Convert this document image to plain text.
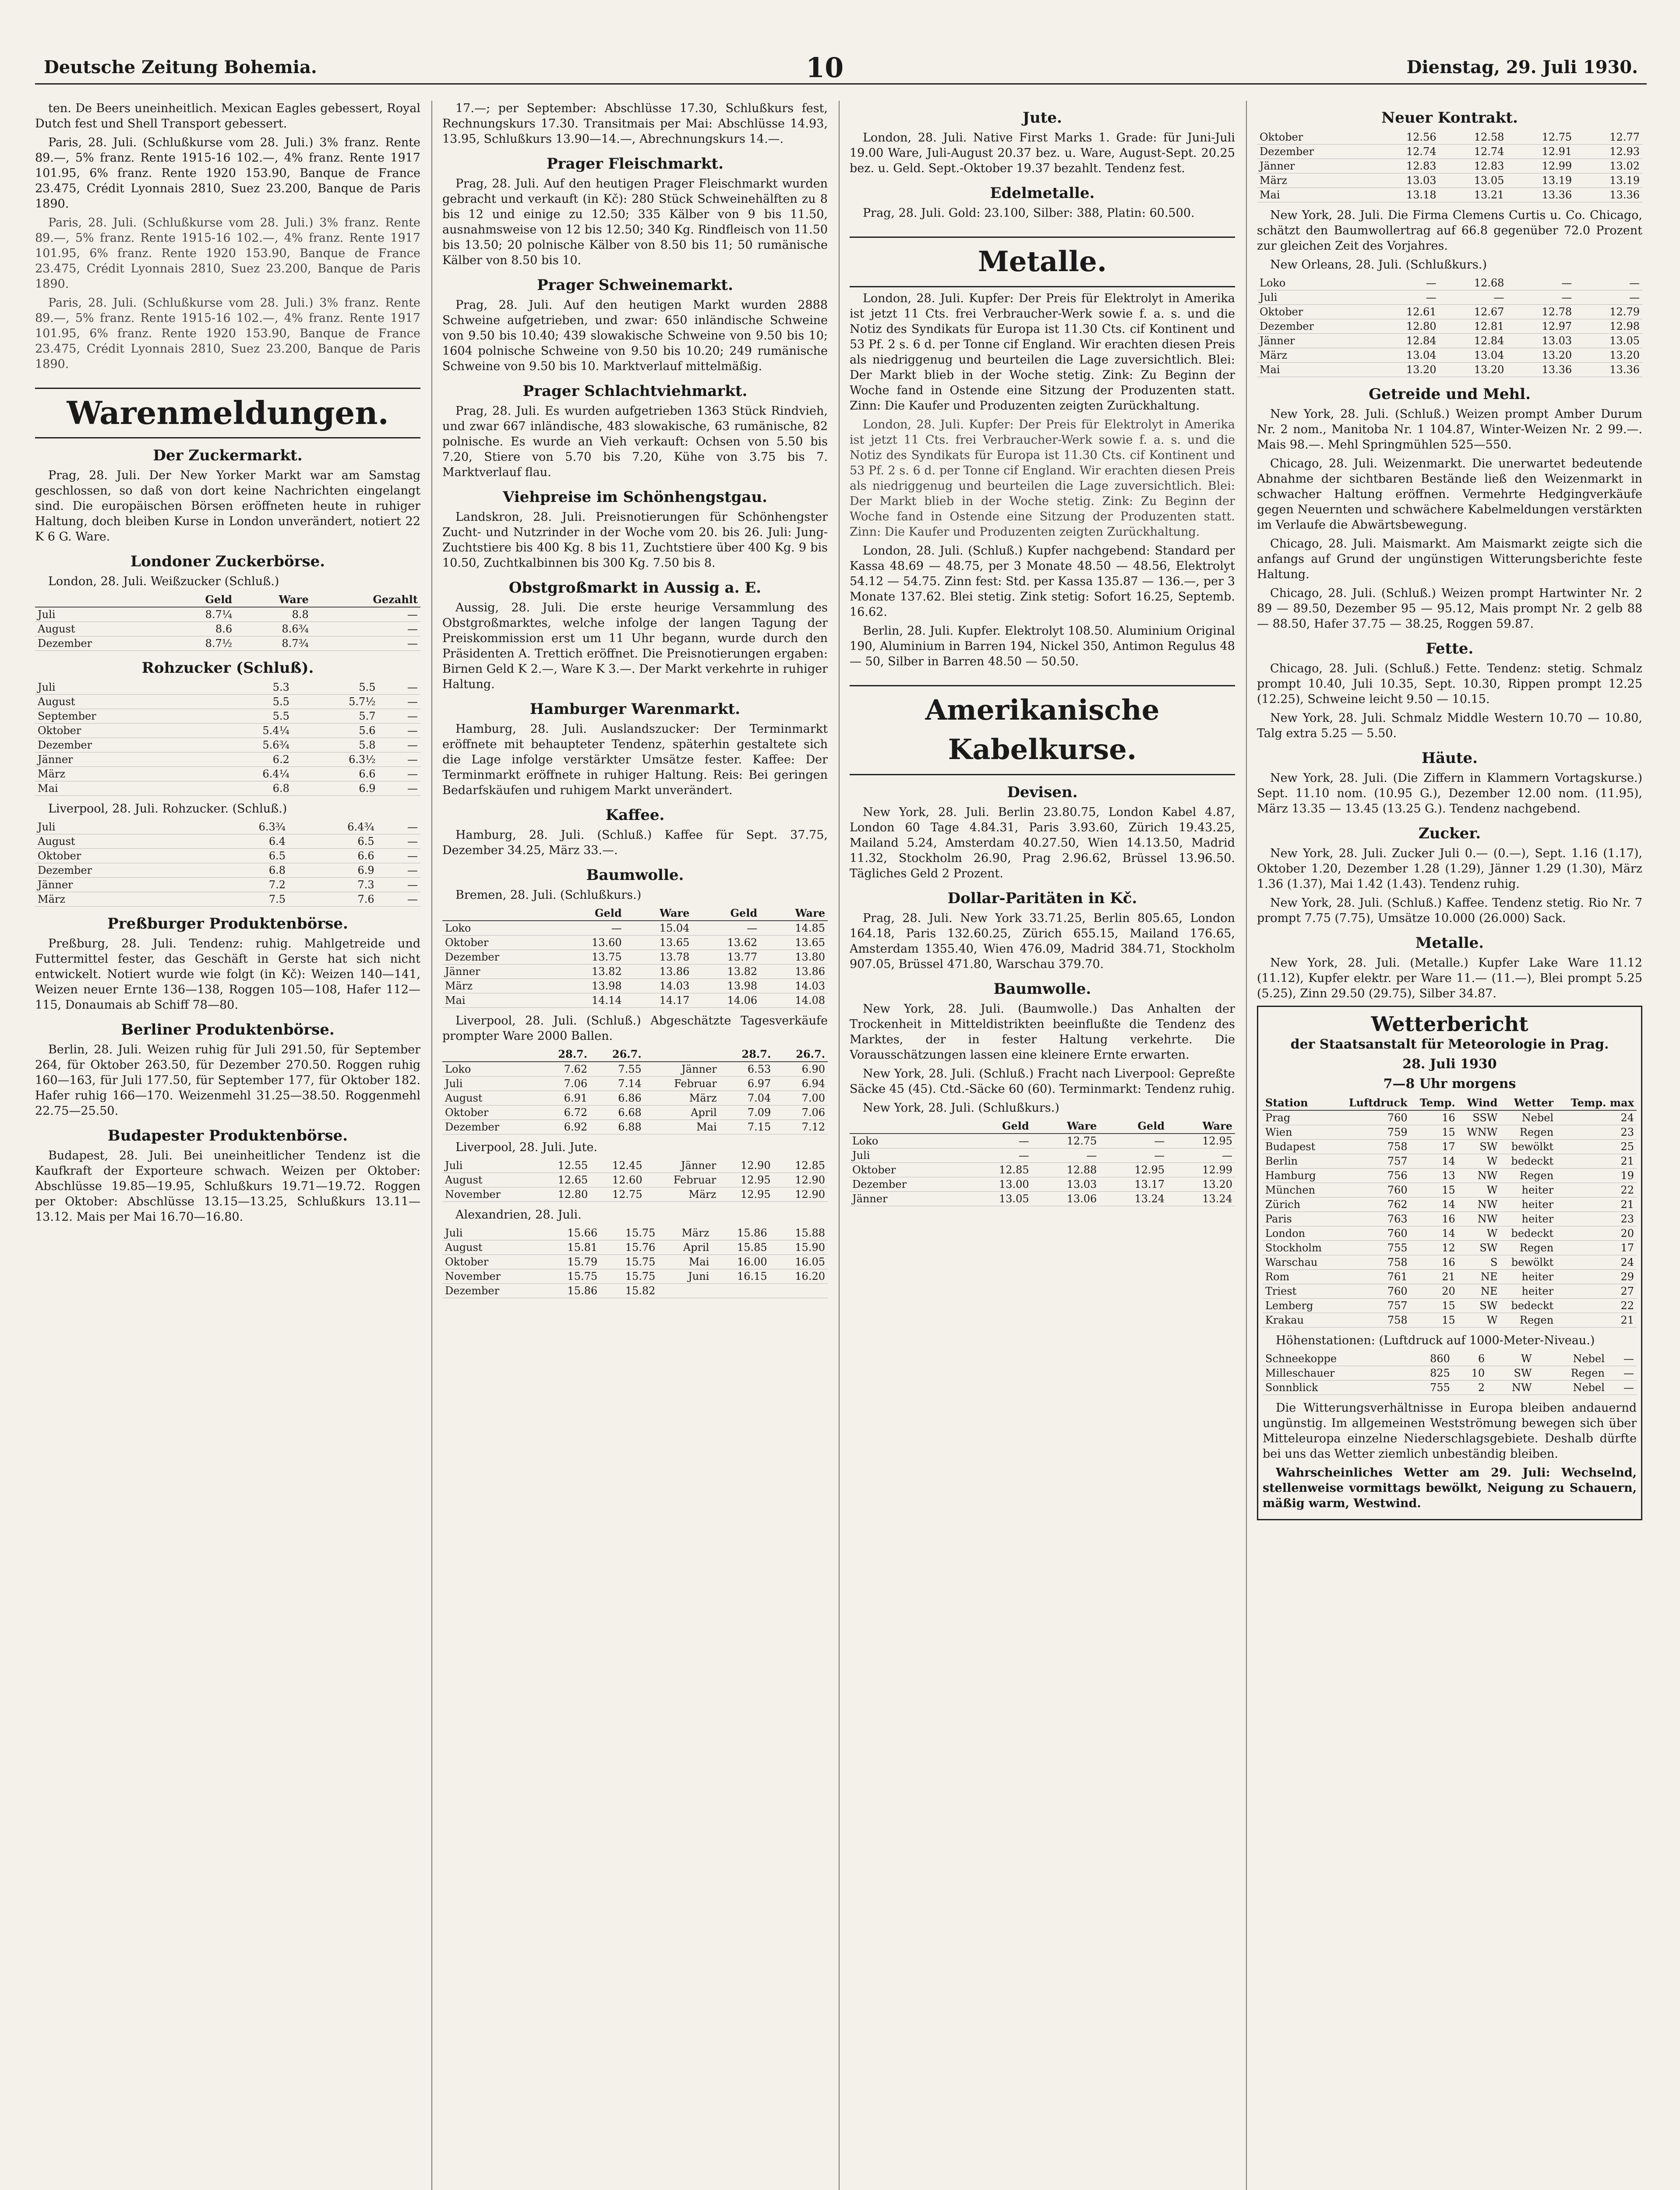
Deutsche Zeitung Bohemia.	10	Dienstag, 29. Juli 1930.

ten. De Beers uneinheitlich. Mexican Eagles gebessert, Royal Dutch fest und Shell Transport gebessert.

Paris, 28. Juli. (Schlußkurse vom 28. Juli.) 3% franz. Rente 89.—, 5% franz. Rente 1915-16 102.—, 4% franz. Rente 1917 101.95, 6% franz. Rente 1920 153.90, Banque de France 23.475, Crédit Lyonnais 2810, Suez 23.200, Banque de Paris 1890.

Paris, 28. Juli. (Schlußkurse vom 28. Juli.) 3% franz. Rente 89.—, 5% franz. Rente 1915-16 102.—, 4% franz. Rente 1917 101.95, 6% franz. Rente 1920 153.90, Banque de France 23.475, Crédit Lyonnais 2810, Suez 23.200, Banque de Paris 1890.

Paris, 28. Juli. (Schlußkurse vom 28. Juli.) 3% franz. Rente 89.—, 5% franz. Rente 1915-16 102.—, 4% franz. Rente 1917 101.95, 6% franz. Rente 1920 153.90, Banque de France 23.475, Crédit Lyonnais 2810, Suez 23.200, Banque de Paris 1890.

Warenmeldungen.
Der Zuckermarkt.

Prag, 28. Juli. Der New Yorker Markt war am Samstag geschlossen, so daß von dort keine Nachrichten eingelangt sind. Die europäischen Börsen eröffneten heute in ruhiger Haltung, doch bleiben Kurse in London unverändert, notiert 22 K 6 G. Ware.

Londoner Zuckerbörse.

London, 28. Juli. Weißzucker (Schluß.)

	Geld	Ware	Gezahlt
Juli	8.7¼	8.8	—
August	8.6	8.6¾	—
Dezember	8.7½	8.7¾	—
Rohzucker (Schluß).
Juli	5.3	5.5	—
August	5.5	5.7½	—
September	5.5	5.7	—
Oktober	5.4¼	5.6	—
Dezember	5.6¾	5.8	—
Jänner	6.2	6.3½	—
März	6.4¼	6.6	—
Mai	6.8	6.9	—

Liverpool, 28. Juli. Rohzucker. (Schluß.)

Juli	6.3¾	6.4¾	—
August	6.4	6.5	—
Oktober	6.5	6.6	—
Dezember	6.8	6.9	—
Jänner	7.2	7.3	—
März	7.5	7.6	—
Preßburger Produktenbörse.

Preßburg, 28. Juli. Tendenz: ruhig. Mahlgetreide und Futtermittel fester, das Geschäft in Gerste hat sich nicht entwickelt. Notiert wurde wie folgt (in Kč): Weizen 140—141, Weizen neuer Ernte 136—138, Roggen 105—108, Hafer 112—115, Donaumais ab Schiff 78—80.

Berliner Produktenbörse.

Berlin, 28. Juli. Weizen ruhig für Juli 291.50, für September 264, für Oktober 263.50, für Dezember 270.50. Roggen ruhig 160—163, für Juli 177.50, für September 177, für Oktober 182. Hafer ruhig 166—170. Weizenmehl 31.25—38.50. Roggenmehl 22.75—25.50.

Budapester Produktenbörse.

Budapest, 28. Juli. Bei uneinheitlicher Tendenz ist die Kaufkraft der Exporteure schwach. Weizen per Oktober: Abschlüsse 19.85—19.95, Schlußkurs 19.71—19.72. Roggen per Oktober: Abschlüsse 13.15—13.25, Schlußkurs 13.11—13.12. Mais per Mai 16.70—16.80.

17.—; per September: Abschlüsse 17.30, Schlußkurs fest, Rechnungskurs 17.30. Transitmais per Mai: Abschlüsse 14.93, 13.95, Schlußkurs 13.90—14.—, Abrechnungskurs 14.—.

Prager Fleischmarkt.

Prag, 28. Juli. Auf den heutigen Prager Fleischmarkt wurden gebracht und verkauft (in Kč): 280 Stück Schweinehälften zu 8 bis 12 und einige zu 12.50; 335 Kälber von 9 bis 11.50, ausnahmsweise von 12 bis 12.50; 340 Kg. Rindfleisch von 11.50 bis 13.50; 20 polnische Kälber von 8.50 bis 11; 50 rumänische Kälber von 8.50 bis 10.

Prager Schweinemarkt.

Prag, 28. Juli. Auf den heutigen Markt wurden 2888 Schweine aufgetrieben, und zwar: 650 inländische Schweine von 9.50 bis 10.40; 439 slowakische Schweine von 9.50 bis 10; 1604 polnische Schweine von 9.50 bis 10.20; 249 rumänische Schweine von 9.50 bis 10. Marktverlauf mittelmäßig.

Prager Schlachtviehmarkt.

Prag, 28. Juli. Es wurden aufgetrieben 1363 Stück Rindvieh, und zwar 667 inländische, 483 slowakische, 63 rumänische, 82 polnische. Es wurde an Vieh verkauft: Ochsen von 5.50 bis 7.20, Stiere von 5.70 bis 7.20, Kühe von 3.75 bis 7. Marktverlauf flau.

Viehpreise im Schönhengstgau.

Landskron, 28. Juli. Preisnotierungen für Schönhengster Zucht- und Nutzrinder in der Woche vom 20. bis 26. Juli: Jung-Zuchtstiere bis 400 Kg. 8 bis 11, Zuchtstiere über 400 Kg. 9 bis 10.50, Zuchtkalbinnen bis 300 Kg. 7.50 bis 8.

Obstgroßmarkt in Aussig a. E.

Aussig, 28. Juli. Die erste heurige Versammlung des Obstgroßmarktes, welche infolge der langen Tagung der Preiskommission erst um 11 Uhr begann, wurde durch den Präsidenten A. Trettich eröffnet. Die Preisnotierungen ergaben: Birnen Geld K 2.—, Ware K 3.—. Der Markt verkehrte in ruhiger Haltung.

Hamburger Warenmarkt.

Hamburg, 28. Juli. Auslandszucker: Der Terminmarkt eröffnete mit behaupteter Tendenz, späterhin gestaltete sich die Lage infolge verstärkter Umsätze fester. Kaffee: Der Terminmarkt eröffnete in ruhiger Haltung. Reis: Bei geringen Bedarfskäufen und ruhigem Markt unverändert.

Kaffee.

Hamburg, 28. Juli. (Schluß.) Kaffee für Sept. 37.75, Dezember 34.25, März 33.—.

Baumwolle.

Bremen, 28. Juli. (Schlußkurs.)

	Geld	Ware	Geld	Ware
Loko	—	15.04	—	14.85
Oktober	13.60	13.65	13.62	13.65
Dezember	13.75	13.78	13.77	13.80
Jänner	13.82	13.86	13.82	13.86
März	13.98	14.03	13.98	14.03
Mai	14.14	14.17	14.06	14.08

Liverpool, 28. Juli. (Schluß.) Abgeschätzte Tagesverkäufe prompter Ware 2000 Ballen.

	28.7.	26.7.		28.7.	26.7.
Loko	7.62	7.55	Jänner	6.53	6.90
Juli	7.06	7.14	Februar	6.97	6.94
August	6.91	6.86	März	7.04	7.00
Oktober	6.72	6.68	April	7.09	7.06
Dezember	6.92	6.88	Mai	7.15	7.12

Liverpool, 28. Juli. Jute.

Juli	12.55	12.45	Jänner	12.90	12.85
August	12.65	12.60	Februar	12.95	12.90
November	12.80	12.75	März	12.95	12.90

Alexandrien, 28. Juli.

Juli	15.66	15.75	März	15.86	15.88
August	15.81	15.76	April	15.85	15.90
Oktober	15.79	15.75	Mai	16.00	16.05
November	15.75	15.75	Juni	16.15	16.20
Dezember	15.86	15.82			
Jute.

London, 28. Juli. Native First Marks 1. Grade: für Juni-Juli 19.00 Ware, Juli-August 20.37 bez. u. Ware, August-Sept. 20.25 bez. u. Geld. Sept.-Oktober 19.37 bezahlt. Tendenz fest.

Edelmetalle.

Prag, 28. Juli. Gold: 23.100, Silber: 388, Platin: 60.500.

Metalle.

London, 28. Juli. Kupfer: Der Preis für Elektrolyt in Amerika ist jetzt 11 Cts. frei Verbraucher-Werk sowie f. a. s. und die Notiz des Syndikats für Europa ist 11.30 Cts. cif Kontinent und 53 Pf. 2 s. 6 d. per Tonne cif England. Wir erachten diesen Preis als niedriggenug und beurteilen die Lage zuversichtlich. Blei: Der Markt blieb in der Woche stetig. Zink: Zu Beginn der Woche fand in Ostende eine Sitzung der Produzenten statt. Zinn: Die Kaufer und Produzenten zeigten Zurückhaltung.

London, 28. Juli. Kupfer: Der Preis für Elektrolyt in Amerika ist jetzt 11 Cts. frei Verbraucher-Werk sowie f. a. s. und die Notiz des Syndikats für Europa ist 11.30 Cts. cif Kontinent und 53 Pf. 2 s. 6 d. per Tonne cif England. Wir erachten diesen Preis als niedriggenug und beurteilen die Lage zuversichtlich. Blei: Der Markt blieb in der Woche stetig. Zink: Zu Beginn der Woche fand in Ostende eine Sitzung der Produzenten statt. Zinn: Die Kaufer und Produzenten zeigten Zurückhaltung.

London, 28. Juli. (Schluß.) Kupfer nachgebend: Standard per Kassa 48.69 — 48.75, per 3 Monate 48.50 — 48.56, Elektrolyt 54.12 — 54.75. Zinn fest: Std. per Kassa 135.87 — 136.—, per 3 Monate 137.62. Blei stetig. Zink stetig: Sofort 16.25, Septemb. 16.62.

Berlin, 28. Juli. Kupfer. Elektrolyt 108.50. Aluminium Original 190, Aluminium in Barren 194, Nickel 350, Antimon Regulus 48 — 50, Silber in Barren 48.50 — 50.50.

Amerikanische Kabelkurse.
Devisen.

New York, 28. Juli. Berlin 23.80.75, London Kabel 4.87, London 60 Tage 4.84.31, Paris 3.93.60, Zürich 19.43.25, Mailand 5.24, Amsterdam 40.27.50, Wien 14.13.50, Madrid 11.32, Stockholm 26.90, Prag 2.96.62, Brüssel 13.96.50. Tägliches Geld 2 Prozent.

Dollar-Paritäten in Kč.

Prag, 28. Juli. New York 33.71.25, Berlin 805.65, London 164.18, Paris 132.60.25, Zürich 655.15, Mailand 176.65, Amsterdam 1355.40, Wien 476.09, Madrid 384.71, Stockholm 907.05, Brüssel 471.80, Warschau 379.70.

Baumwolle.

New York, 28. Juli. (Baumwolle.) Das Anhalten der Trockenheit in Mitteldistrikten beeinflußte die Tendenz des Marktes, der in fester Haltung verkehrte. Die Vorausschätzungen lassen eine kleinere Ernte erwarten.

New York, 28. Juli. (Schluß.) Fracht nach Liverpool: Gepreßte Säcke 45 (45). Ctd.-Säcke 60 (60). Terminmarkt: Tendenz ruhig.

New York, 28. Juli. (Schlußkurs.)

	Geld	Ware	Geld	Ware
Loko	—	12.75	—	12.95
Juli	—	—	—	—
Oktober	12.85	12.88	12.95	12.99
Dezember	13.00	13.03	13.17	13.20
Jänner	13.05	13.06	13.24	13.24
Neuer Kontrakt.
Oktober	12.56	12.58	12.75	12.77
Dezember	12.74	12.74	12.91	12.93
Jänner	12.83	12.83	12.99	13.02
März	13.03	13.05	13.19	13.19
Mai	13.18	13.21	13.36	13.36

New York, 28. Juli. Die Firma Clemens Curtis u. Co. Chicago, schätzt den Baumwollertrag auf 66.8 gegenüber 72.0 Prozent zur gleichen Zeit des Vorjahres.

New Orleans, 28. Juli. (Schlußkurs.)

Loko	—	12.68	—	—
Juli	—	—	—	—
Oktober	12.61	12.67	12.78	12.79
Dezember	12.80	12.81	12.97	12.98
Jänner	12.84	12.84	13.03	13.05
März	13.04	13.04	13.20	13.20
Mai	13.20	13.20	13.36	13.36
Getreide und Mehl.

New York, 28. Juli. (Schluß.) Weizen prompt Amber Durum Nr. 2 nom., Manitoba Nr. 1 104.87, Winter-Weizen Nr. 2 99.—. Mais 98.—. Mehl Springmühlen 525—550.

Chicago, 28. Juli. Weizenmarkt. Die unerwartet bedeutende Abnahme der sichtbaren Bestände ließ den Weizenmarkt in schwacher Haltung eröffnen. Vermehrte Hedgingverkäufe gegen Neuernten und schwächere Kabelmeldungen verstärkten im Verlaufe die Abwärtsbewegung.

Chicago, 28. Juli. Maismarkt. Am Maismarkt zeigte sich die anfangs auf Grund der ungünstigen Witterungsberichte feste Haltung.

Chicago, 28. Juli. (Schluß.) Weizen prompt Hartwinter Nr. 2 89 — 89.50, Dezember 95 — 95.12, Mais prompt Nr. 2 gelb 88 — 88.50, Hafer 37.75 — 38.25, Roggen 59.87.

Fette.

Chicago, 28. Juli. (Schluß.) Fette. Tendenz: stetig. Schmalz prompt 10.40, Juli 10.35, Sept. 10.30, Rippen prompt 12.25 (12.25), Schweine leicht 9.50 — 10.15.

New York, 28. Juli. Schmalz Middle Western 10.70 — 10.80, Talg extra 5.25 — 5.50.

Häute.

New York, 28. Juli. (Die Ziffern in Klammern Vortagskurse.) Sept. 11.10 nom. (10.95 G.), Dezember 12.00 nom. (11.95), März 13.35 — 13.45 (13.25 G.). Tendenz nachgebend.

Zucker.

New York, 28. Juli. Zucker Juli 0.— (0.—), Sept. 1.16 (1.17), Oktober 1.20, Dezember 1.28 (1.29), Jänner 1.29 (1.30), März 1.36 (1.37), Mai 1.42 (1.43). Tendenz ruhig.

New York, 28. Juli. (Schluß.) Kaffee. Tendenz stetig. Rio Nr. 7 prompt 7.75 (7.75), Umsätze 10.000 (26.000) Sack.

Metalle.

New York, 28. Juli. (Metalle.) Kupfer Lake Ware 11.12 (11.12), Kupfer elektr. per Ware 11.— (11.—), Blei prompt 5.25 (5.25), Zinn 29.50 (29.75), Silber 34.87.

Wetterbericht
der Staatsanstalt für Meteorologie in Prag.
28. Juli 1930
7—8 Uhr morgens
Station	Luftdruck	Temp.	Wind	Wetter	Temp. max
Prag	760	16	SSW	Nebel	24
Wien	759	15	WNW	Regen	23
Budapest	758	17	SW	bewölkt	25
Berlin	757	14	W	bedeckt	21
Hamburg	756	13	NW	Regen	19
München	760	15	W	heiter	22
Zürich	762	14	NW	heiter	21
Paris	763	16	NW	heiter	23
London	760	14	W	bedeckt	20
Stockholm	755	12	SW	Regen	17
Warschau	758	16	S	bewölkt	24
Rom	761	21	NE	heiter	29
Triest	760	20	NE	heiter	27
Lemberg	757	15	SW	bedeckt	22
Krakau	758	15	W	Regen	21

Höhenstationen: (Luftdruck auf 1000-Meter-Niveau.)

Schneekoppe	860	6	W	Nebel	—
Milleschauer	825	10	SW	Regen	—
Sonnblick	755	2	NW	Nebel	—

Die Witterungsverhältnisse in Europa bleiben andauernd ungünstig. Im allgemeinen Westströmung bewegen sich über Mitteleuropa einzelne Niederschlagsgebiete. Deshalb dürfte bei uns das Wetter ziemlich unbeständig bleiben.

Wahrscheinliches Wetter am 29. Juli: Wechselnd, stellenweise vormittags bewölkt, Neigung zu Schauern, mäßig warm, Westwind.
